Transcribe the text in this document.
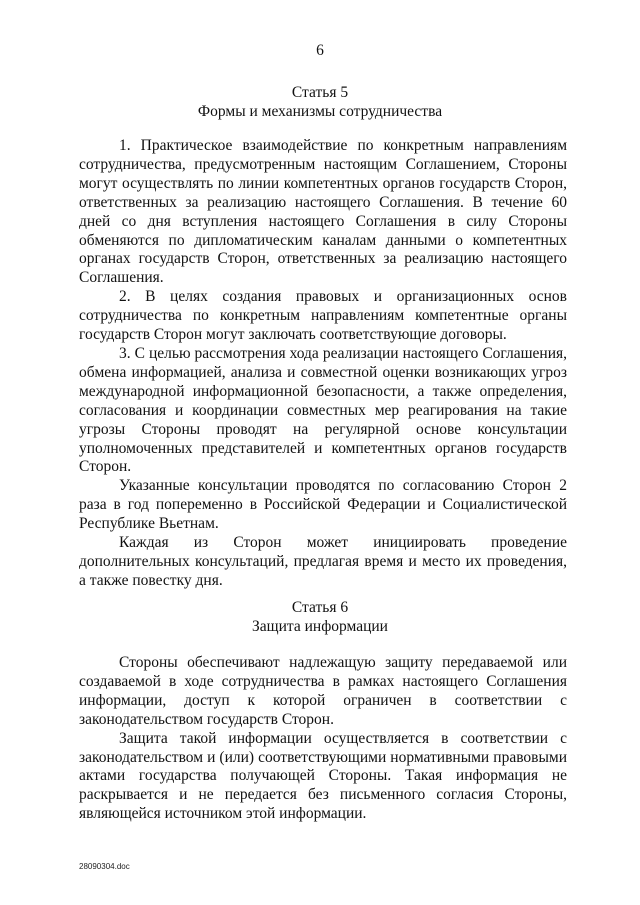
6
Статья 5
Формы и механизмы сотрудничества

1. Практическое взаимодействие по конкретным направлениям сотрудничества, предусмотренным настоящим Соглашением, Стороны могут осуществлять по линии компетентных органов государств Сторон, ответственных за реализацию настоящего Соглашения. В течение 60 дней со дня вступления настоящего Соглашения в силу Стороны обменяются по дипломатическим каналам данными о компетентных органах государств Сторон, ответственных за реализацию настоящего Соглашения.

2. В целях создания правовых и организационных основ сотрудничества по конкретным направлениям компетентные органы государств Сторон могут заключать соответствующие договоры.

3. С целью рассмотрения хода реализации настоящего Соглашения, обмена информацией, анализа и совместной оценки возникающих угроз международной информационной безопасности, а также определения, согласования и координации совместных мер реагирования на такие угрозы Стороны проводят на регулярной основе консультации уполномоченных представителей и компетентных органов государств Сторон.

Указанные консультации проводятся по согласованию Сторон 2 раза в год попеременно в Российской Федерации и Социалистической Республике Вьетнам.

Каждая из Сторон может инициировать проведение дополнительных консультаций, предлагая время и место их проведения, а также повестку дня.

Статья 6
Защита информации

Стороны обеспечивают надлежащую защиту передаваемой или создаваемой в ходе сотрудничества в рамках настоящего Соглашения информации, доступ к которой ограничен в соответствии с законодательством государств Сторон.

Защита такой информации осуществляется в соответствии с законодательством и (или) соответствующими нормативными правовыми актами государства получающей Стороны. Такая информация не раскрывается и не передается без письменного согласия Стороны, являющейся источником этой информации.

28090304.doc
